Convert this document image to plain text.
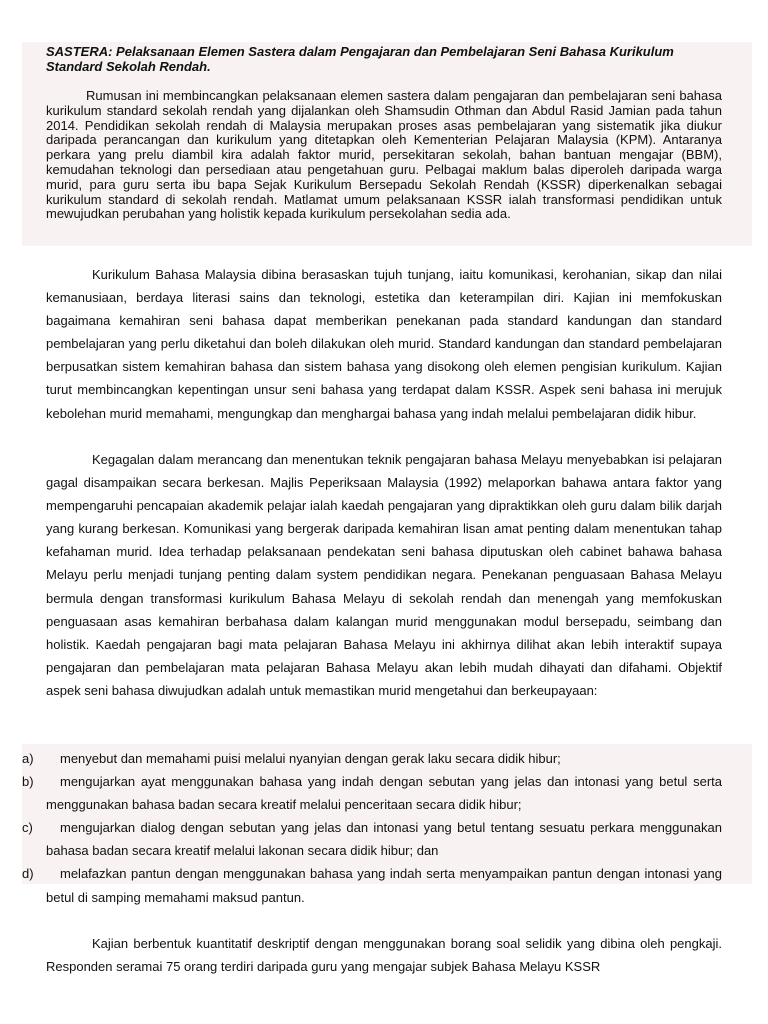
SASTERA: Pelaksanaan Elemen Sastera dalam Pengajaran dan Pembelajaran Seni Bahasa Kurikulum Standard Sekolah Rendah.
Rumusan ini membincangkan pelaksanaan elemen sastera dalam pengajaran dan pembelajaran seni bahasa kurikulum standard sekolah rendah yang dijalankan oleh Shamsudin Othman dan Abdul Rasid Jamian pada tahun 2014. Pendidikan sekolah rendah di Malaysia merupakan proses asas pembelajaran yang sistematik jika diukur daripada perancangan dan kurikulum yang ditetapkan oleh Kementerian Pelajaran Malaysia (KPM). Antaranya perkara yang prelu diambil kira adalah faktor murid, persekitaran sekolah, bahan bantuan mengajar (BBM), kemudahan teknologi dan persediaan atau pengetahuan guru. Pelbagai maklum balas diperoleh daripada warga murid, para guru serta ibu bapa Sejak Kurikulum Bersepadu Sekolah Rendah (KSSR) diperkenalkan sebagai kurikulum standard di sekolah rendah. Matlamat umum pelaksanaan KSSR ialah transformasi pendidikan untuk mewujudkan perubahan yang holistik kepada kurikulum persekolahan sedia ada.
Kurikulum Bahasa Malaysia dibina berasaskan tujuh tunjang, iaitu komunikasi, kerohanian, sikap dan nilai kemanusiaan, berdaya literasi sains dan teknologi, estetika dan keterampilan diri. Kajian ini memfokuskan bagaimana kemahiran seni bahasa dapat memberikan penekanan pada standard kandungan dan standard pembelajaran yang perlu diketahui dan boleh dilakukan oleh murid. Standard kandungan dan standard pembelajaran berpusatkan sistem kemahiran bahasa dan sistem bahasa yang disokong oleh elemen pengisian kurikulum. Kajian turut membincangkan kepentingan unsur seni bahasa yang terdapat dalam KSSR. Aspek seni bahasa ini merujuk kebolehan murid memahami, mengungkap dan menghargai bahasa yang indah melalui pembelajaran didik hibur.
Kegagalan dalam merancang dan menentukan teknik pengajaran bahasa Melayu menyebabkan isi pelajaran gagal disampaikan secara berkesan. Majlis Peperiksaan Malaysia (1992) melaporkan bahawa antara faktor yang mempengaruhi pencapaian akademik pelajar ialah kaedah pengajaran yang dipraktikkan oleh guru dalam bilik darjah yang kurang berkesan. Komunikasi yang bergerak daripada kemahiran lisan amat penting dalam menentukan tahap kefahaman murid. Idea terhadap pelaksanaan pendekatan seni bahasa diputuskan oleh cabinet bahawa bahasa Melayu perlu menjadi tunjang penting dalam system pendidikan negara. Penekanan penguasaan Bahasa Melayu bermula dengan transformasi kurikulum Bahasa Melayu di sekolah rendah dan menengah yang memfokuskan penguasaan asas kemahiran berbahasa dalam kalangan murid menggunakan modul bersepadu, seimbang dan holistik. Kaedah pengajaran bagi mata pelajaran Bahasa Melayu ini akhirnya dilihat akan lebih interaktif supaya pengajaran dan pembelajaran mata pelajaran Bahasa Melayu akan lebih mudah dihayati dan difahami. Objektif aspek seni bahasa diwujudkan adalah untuk memastikan murid mengetahui dan berkeupayaan:
a)	menyebut dan memahami puisi melalui nyanyian dengan gerak laku secara didik hibur;
b)	mengujarkan ayat menggunakan bahasa yang indah dengan sebutan yang jelas dan intonasi yang betul serta menggunakan bahasa badan secara kreatif melalui penceritaan secara didik hibur;
c)	mengujarkan dialog dengan sebutan yang jelas dan intonasi yang betul tentang sesuatu perkara menggunakan bahasa badan secara kreatif melalui lakonan secara didik hibur; dan
d)	melafazkan pantun dengan menggunakan bahasa yang indah serta menyampaikan pantun dengan intonasi yang betul di samping memahami maksud pantun.
Kajian berbentuk kuantitatif deskriptif dengan menggunakan borang soal selidik yang dibina oleh pengkaji. Responden seramai 75 orang terdiri daripada guru yang mengajar subjek Bahasa Melayu KSSR
